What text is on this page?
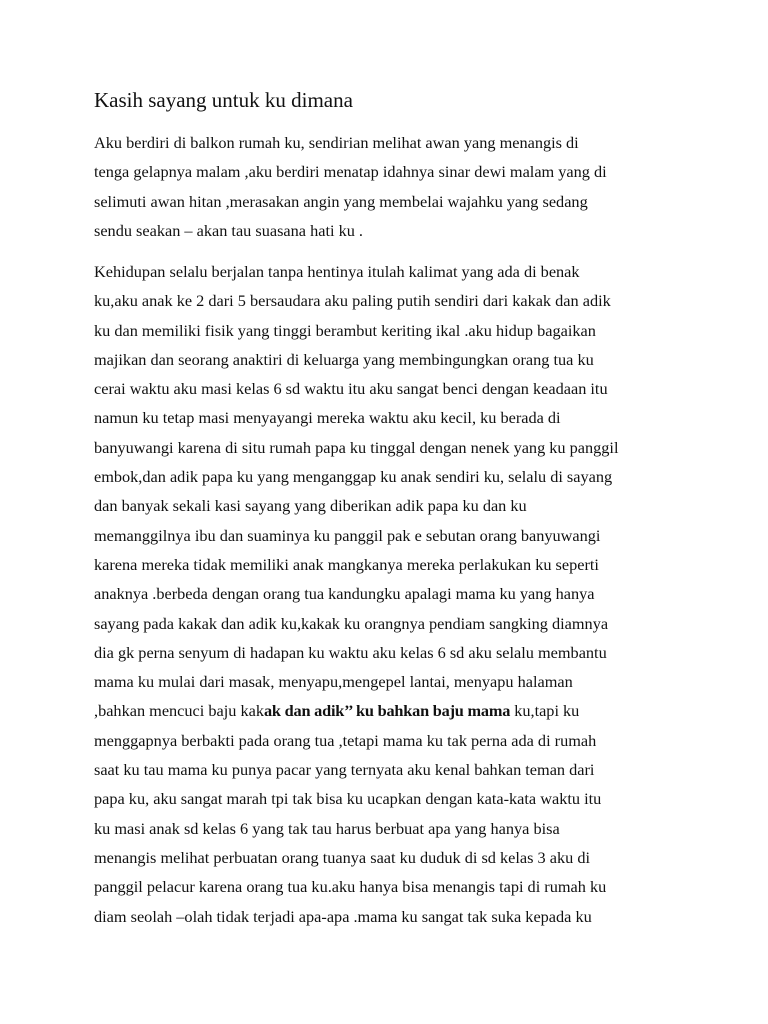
Kasih sayang untuk ku dimana
Aku berdiri di balkon rumah ku, sendirian melihat awan yang menangis di
tenga gelapnya malam ,aku berdiri menatap idahnya sinar dewi malam yang di
selimuti awan hitan ,merasakan angin yang membelai wajahku yang sedang
sendu seakan – akan tau suasana hati ku .
Kehidupan selalu berjalan tanpa hentinya itulah kalimat yang ada di benak
ku,aku anak ke 2 dari 5 bersaudara aku paling putih sendiri dari kakak dan adik
ku dan memiliki fisik yang tinggi berambut keriting ikal .aku hidup bagaikan
majikan dan seorang anaktiri di keluarga yang membingungkan orang tua ku
cerai waktu aku masi kelas 6 sd waktu itu aku sangat benci dengan keadaan itu
namun ku tetap masi menyayangi mereka waktu aku kecil, ku berada di
banyuwangi karena di situ rumah papa ku tinggal dengan nenek yang ku panggil
embok,dan adik papa ku yang menganggap ku anak sendiri ku, selalu di sayang
dan banyak sekali kasi sayang yang diberikan adik papa ku dan ku
memanggilnya ibu dan suaminya ku panggil pak e sebutan orang banyuwangi
karena mereka tidak memiliki anak mangkanya mereka perlakukan ku seperti
anaknya .berbeda dengan orang tua kandungku apalagi mama ku yang hanya
sayang pada kakak dan adik ku,kakak ku orangnya pendiam sangking diamnya
dia gk perna senyum di hadapan ku waktu aku kelas 6 sd aku selalu membantu
mama ku mulai dari masak, menyapu,mengepel lantai, menyapu halaman
,bahkan mencuci baju kakak dan adik’’ ku bahkan baju mama ku,tapi ku
menggapnya berbakti pada orang tua ,tetapi mama ku tak perna ada di rumah
saat ku tau mama ku punya pacar yang ternyata aku kenal bahkan teman dari
papa ku, aku sangat marah tpi tak bisa ku ucapkan dengan kata-kata waktu itu
ku masi anak sd kelas 6 yang tak tau harus berbuat apa yang hanya bisa
menangis melihat perbuatan orang tuanya saat ku duduk di sd kelas 3 aku di
panggil pelacur karena orang tua ku.aku hanya bisa menangis tapi di rumah ku
diam seolah –olah tidak terjadi apa-apa .mama ku sangat tak suka kepada ku
